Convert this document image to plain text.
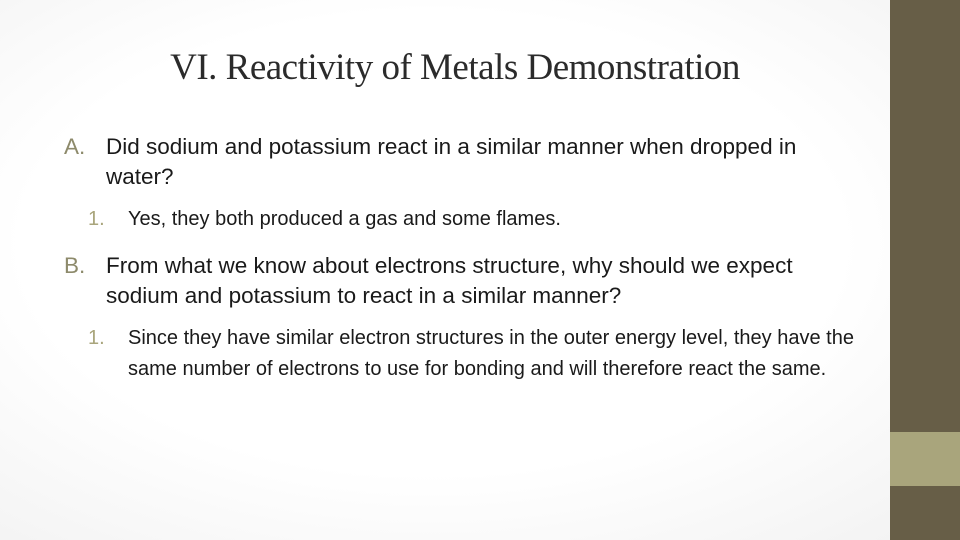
VI. Reactivity of Metals Demonstration
A. Did sodium and potassium react in a similar manner when dropped in water?
1.	Yes, they both produced a gas and some flames.
B. From what we know about electrons structure, why should we expect sodium and potassium to react in a similar manner?
1.	Since they have similar electron structures in the outer energy level, they have the same number of electrons to use for bonding and will therefore react the same.
